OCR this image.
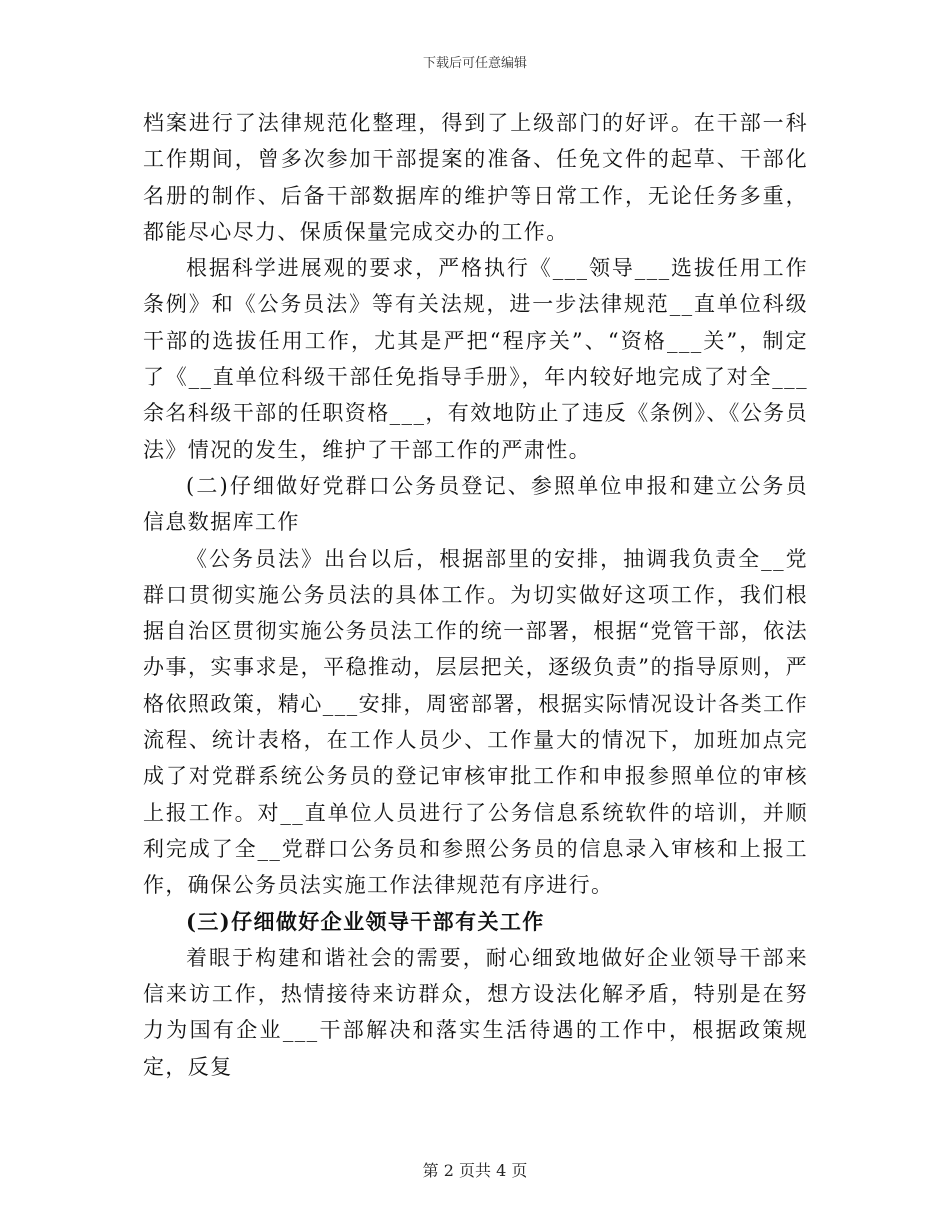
下载后可任意编辑

档案进行了法律规范化整理，得到了上级部门的好评。在干部一科工作期间，曾多次参加干部提案的准备、任免文件的起草、干部化名册的制作、后备干部数据库的维护等日常工作，无论任务多重，都能尽心尽力、保质保量完成交办的工作。

根据科学进展观的要求，严格执行《___领导___选拔任用工作条例》和《公务员法》等有关法规，进一步法律规范__直单位科级干部的选拔任用工作，尤其是严把“程序关”、“资格___关”，制定了《__直单位科级干部任免指导手册》，年内较好地完成了对全___余名科级干部的任职资格___，有效地防止了违反《条例》、《公务员法》情况的发生，维护了干部工作的严肃性。

(二)仔细做好党群口公务员登记、参照单位申报和建立公务员信息数据库工作

《公务员法》出台以后，根据部里的安排，抽调我负责全__党群口贯彻实施公务员法的具体工作。为切实做好这项工作，我们根据自治区贯彻实施公务员法工作的统一部署，根据“党管干部，依法办事，实事求是，平稳推动，层层把关，逐级负责”的指导原则，严格依照政策，精心___安排，周密部署，根据实际情况设计各类工作流程、统计表格，在工作人员少、工作量大的情况下，加班加点完成了对党群系统公务员的登记审核审批工作和申报参照单位的审核上报工作。对__直单位人员进行了公务信息系统软件的培训，并顺利完成了全__党群口公务员和参照公务员的信息录入审核和上报工作，确保公务员法实施工作法律规范有序进行。

(三)仔细做好企业领导干部有关工作

着眼于构建和谐社会的需要，耐心细致地做好企业领导干部来信来访工作，热情接待来访群众，想方设法化解矛盾，特别是在努力为国有企业___干部解决和落实生活待遇的工作中，根据政策规定，反复

第 2 页共 4 页
